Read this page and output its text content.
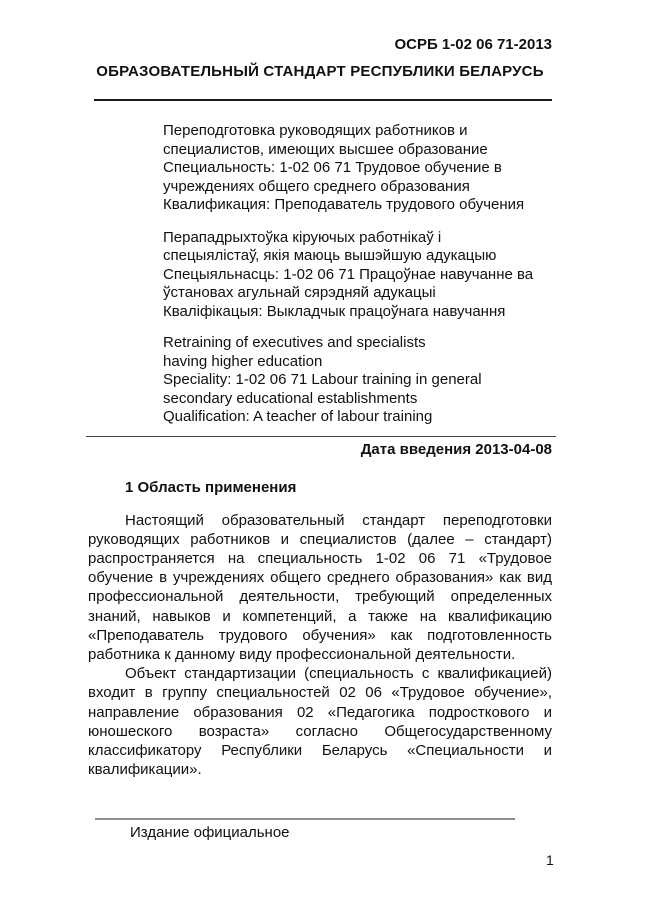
ОСРБ 1-02 06 71-2013
ОБРАЗОВАТЕЛЬНЫЙ СТАНДАРТ РЕСПУБЛИКИ БЕЛАРУСЬ
Переподготовка руководящих работников и
специалистов, имеющих высшее образование
Специальность: 1-02 06 71 Трудовое обучение в
учреждениях общего среднего образования
Квалификация: Преподаватель трудового обучения
Перападрыхтоўка кіруючых работнікаў і
спецыялістаў, якія маюць вышэйшую адукацыю
Спецыяльнасць: 1-02 06 71 Працоўнае навучанне ва
ўстановах агульнай сярэдняй адукацыі
Кваліфікацыя: Выкладчык працоўнага навучання
Retraining of executives and specialists
having higher education
Speciality: 1-02 06 71 Labour training in general
secondary educational establishments
Qualification: A teacher of labour training
Дата введения 2013-04-08
1 Область применения

Настоящий образовательный стандарт переподготовки руководящих работников и специалистов (далее – стандарт) распространяется на специальность 1-02 06 71 «Трудовое обучение в учреждениях общего среднего образования» как вид профессиональной деятельности, требующий определенных знаний, навыков и компетенций, а также на квалификацию «Преподаватель трудового обучения» как подготовленность работника к данному виду профессиональной деятельности.

Объект стандартизации (специальность с квалификацией) входит в группу специальностей 02 06 «Трудовое обучение», направление образования 02 «Педагогика подросткового и юношеского возраста» согласно Общегосударственному классификатору Республики Беларусь «Специальности и квалификации».

Издание официальное
1
